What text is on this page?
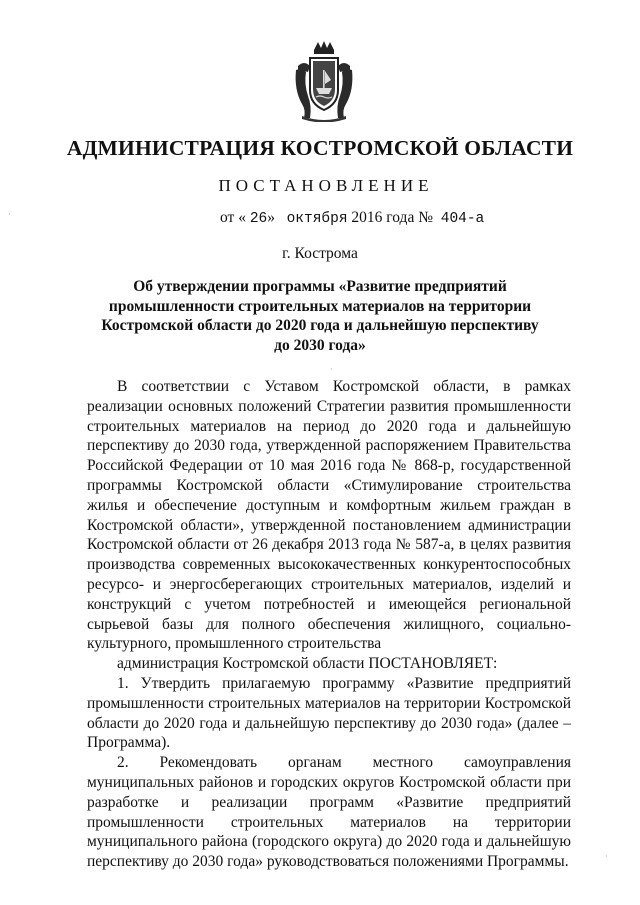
АДМИНИСТРАЦИЯ КОСТРОМСКОЙ ОБЛАСТИ
ПОСТАНОВЛЕНИЕ
от « 26» октября 2016 года № 404-а
г. Кострома
Об утверждении программы «Развитие предприятий промышленности строительных материалов на территории Костромской области до 2020 года и дальнейшую перспективу до 2030 года»

В соответствии с Уставом Костромской области, в рамках реализации основных положений Стратегии развития промышленности строительных материалов на период до 2020 года и дальнейшую перспективу до 2030 года, утвержденной распоряжением Правительства Российской Федерации от 10 мая 2016 года № 868-р, государственной программы Костромской области «Стимулирование строительства жилья и обеспечение доступным и комфортным жильем граждан в Костромской области», утвержденной постановлением администрации Костромской области от 26 декабря 2013 года № 587-а, в целях развития производства современных высококачественных конкурентоспособных ресурсо- и энергосберегающих строительных материалов, изделий и конструкций с учетом потребностей и имеющейся региональной сырьевой базы для полного обеспечения жилищного, социально-культурного, промышленного строительства

администрация Костромской области ПОСТАНОВЛЯЕТ:

1. Утвердить прилагаемую программу «Развитие предприятий промышленности строительных материалов на территории Костромской области до 2020 года и дальнейшую перспективу до 2030 года» (далее – Программа).

2. Рекомендовать органам местного самоуправления муниципальных районов и городских округов Костромской области при разработке и реализации программ «Развитие предприятий промышленности строительных материалов на территории муниципального района (городского округа) до 2020 года и дальнейшую перспективу до 2030 года» руководствоваться положениями Программы.

·
·
·
